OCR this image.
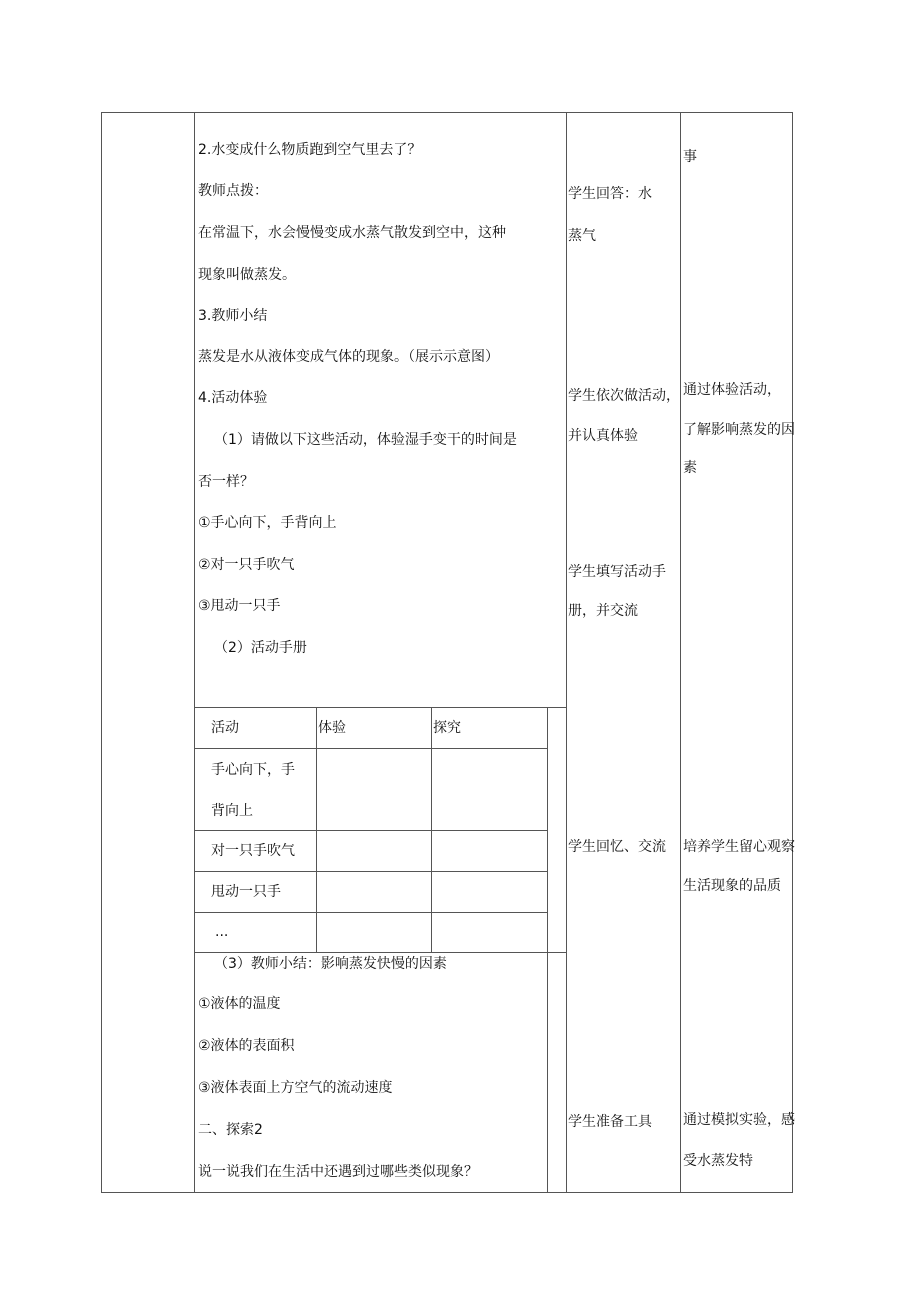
2.水变成什么物质跑到空气里去了？
教师点拨：
在常温下，水会慢慢变成水蒸气散发到空中，这种
现象叫做蒸发。
3.教师小结
蒸发是水从液体变成气体的现象。（展示示意图）
4.活动体验
（1）请做以下这些活动，体验湿手变干的时间是
否一样？
①手心向下，手背向上
②对一只手吹气
③甩动一只手
（2）活动手册
活动	体验	探究
手心向下，手
背向上
对一只手吹气
甩动一只手
...
（3）教师小结：影响蒸发快慢的因素
①液体的温度
②液体的表面积
③液体表面上方空气的流动速度
二、探索2
说一说我们在生活中还遇到过哪些类似现象？
学生回答：水
蒸气
学生依次做活动，
并认真体验
学生填写活动手
册，并交流
学生回忆、交流
学生准备工具
事
通过体验活动，
了解影响蒸发的因
素
培养学生留心观察
生活现象的品质
通过模拟实验，感
受水蒸发特
